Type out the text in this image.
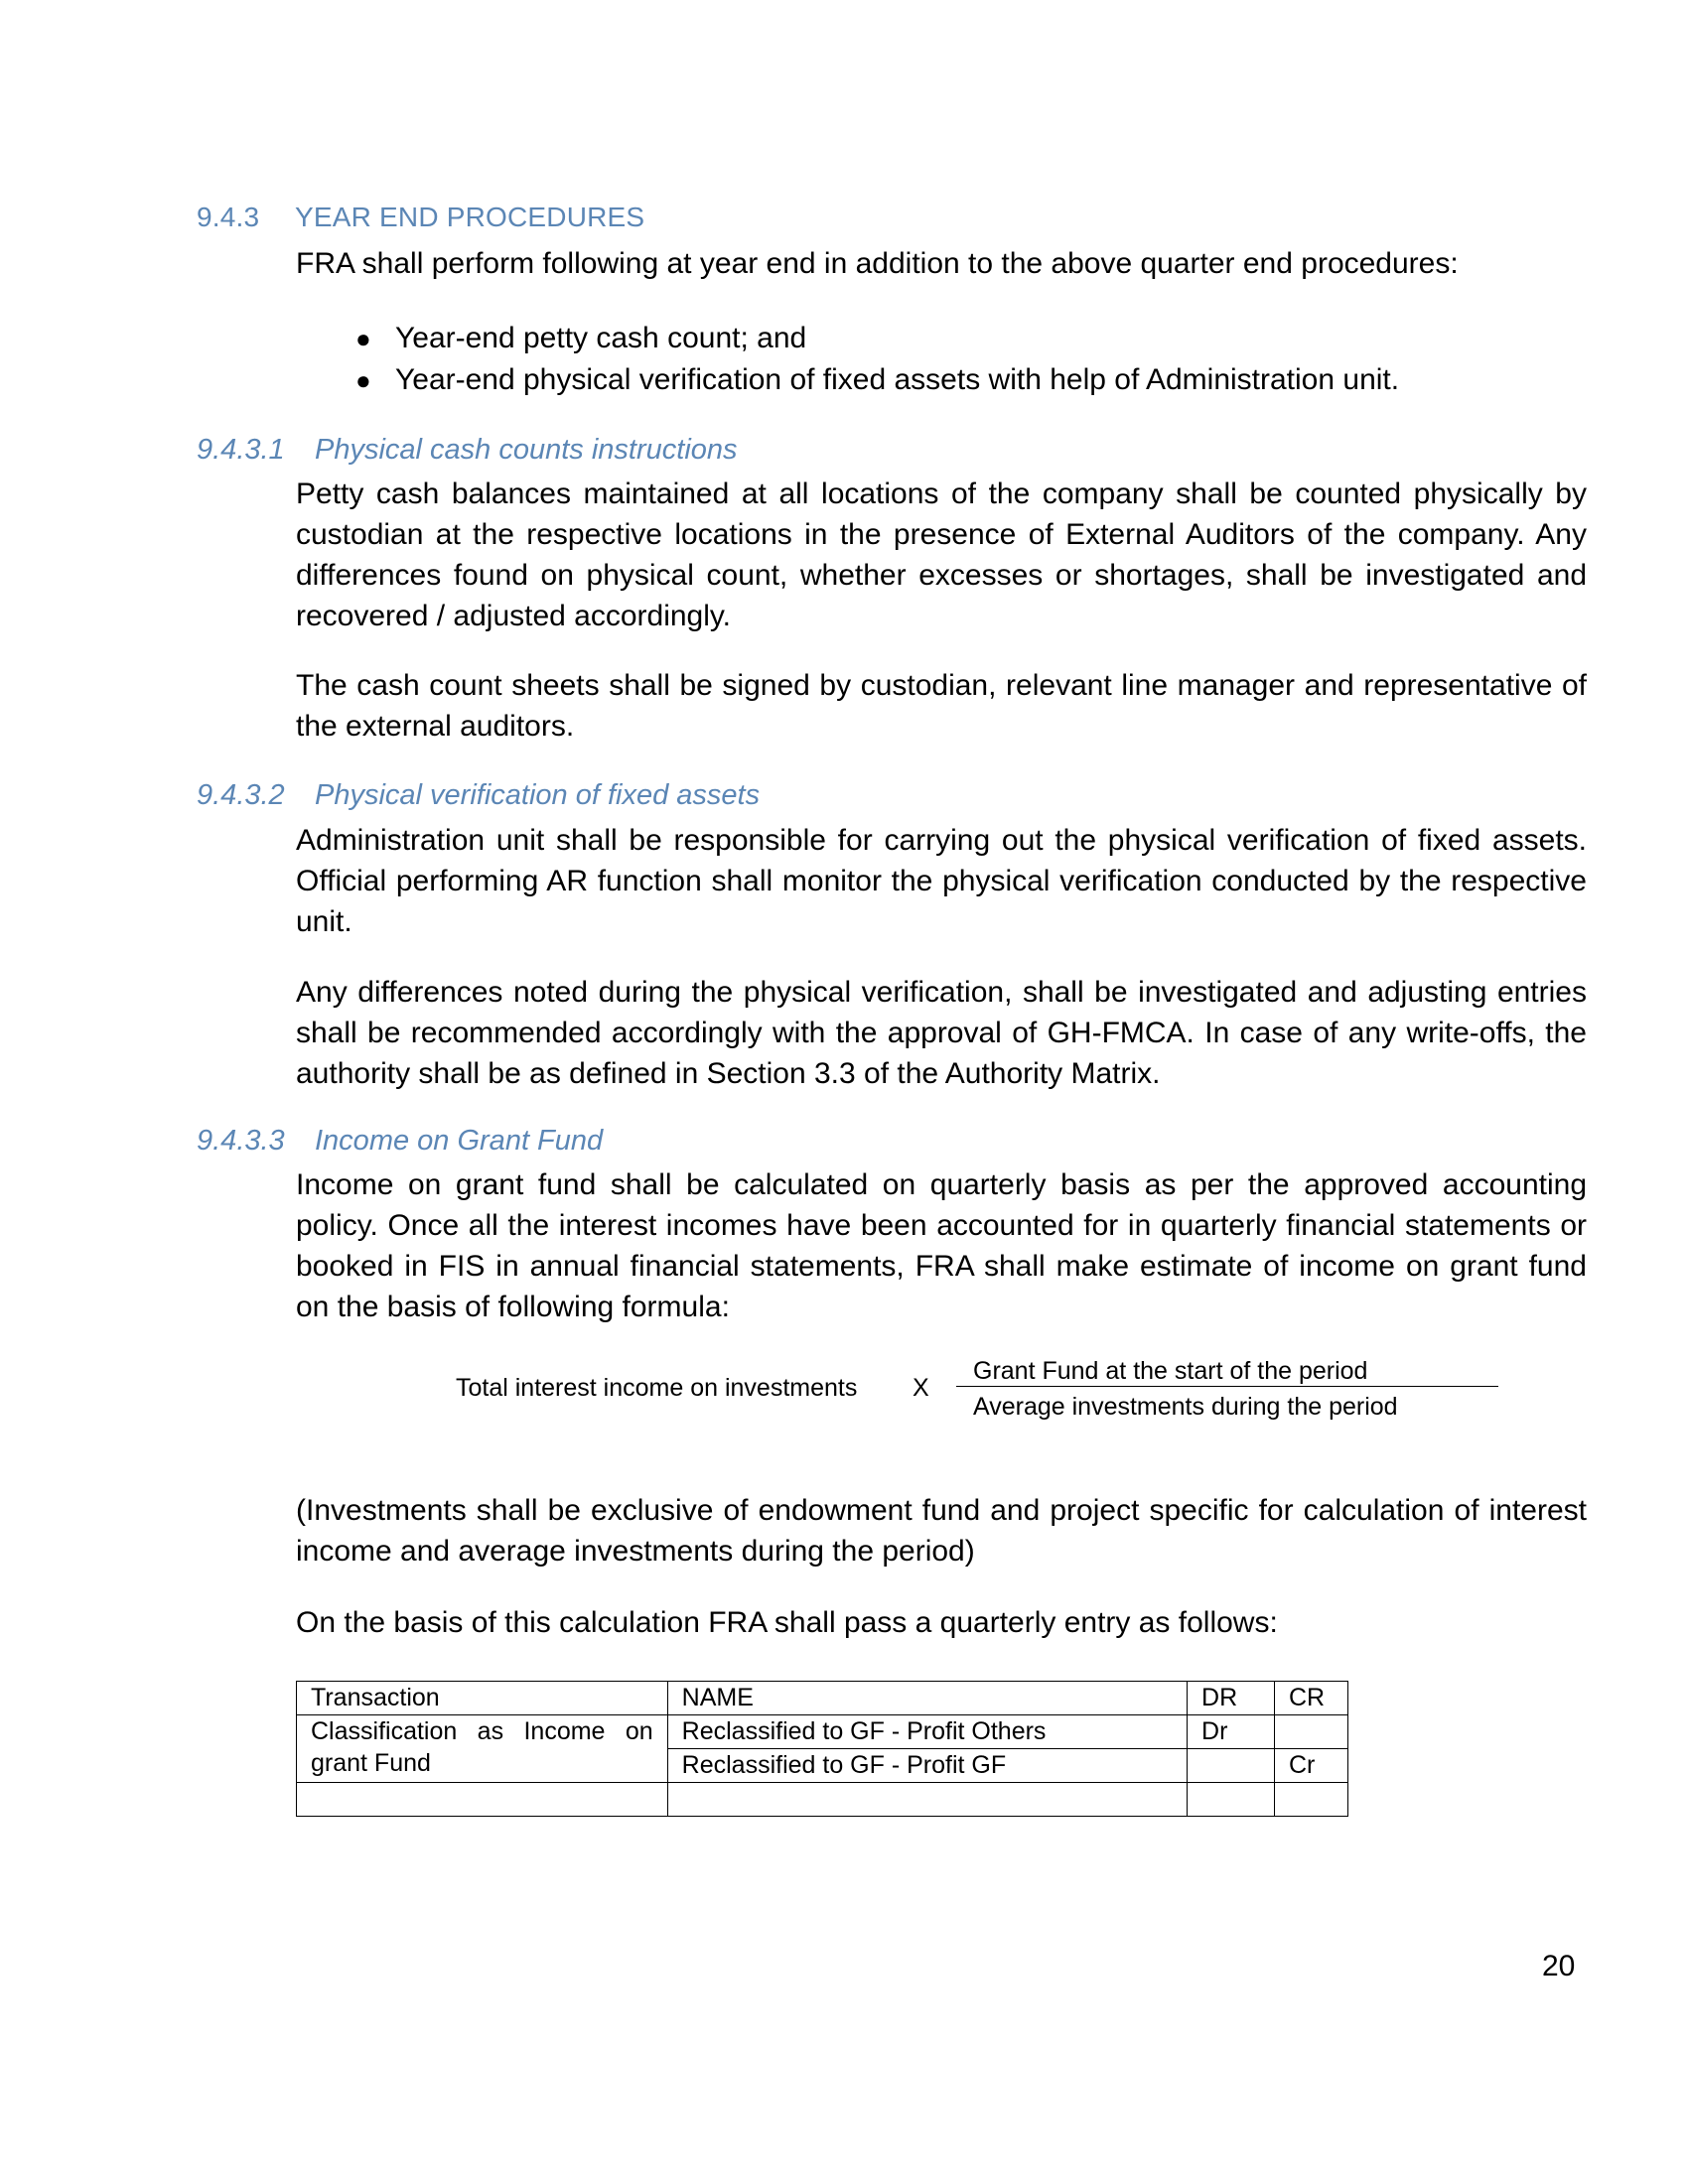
9.4.3 YEAR END PROCEDURES
FRA shall perform following at year end in addition to the above quarter end procedures:
● Year-end petty cash count; and
● Year-end physical verification of fixed assets with help of Administration unit.
9.4.3.1 Physical cash counts instructions
Petty cash balances maintained at all locations of the company shall be counted physically by custodian at the respective locations in the presence of External Auditors of the company. Any differences found on physical count, whether excesses or shortages, shall be investigated and recovered / adjusted accordingly.
The cash count sheets shall be signed by custodian, relevant line manager and representative of the external auditors.
9.4.3.2 Physical verification of fixed assets
Administration unit shall be responsible for carrying out the physical verification of fixed assets. Official performing AR function shall monitor the physical verification conducted by the respective unit.
Any differences noted during the physical verification, shall be investigated and adjusting entries shall be recommended accordingly with the approval of GH-FMCA. In case of any write-offs, the authority shall be as defined in Section 3.3 of the Authority Matrix.
9.4.3.3 Income on Grant Fund
Income on grant fund shall be calculated on quarterly basis as per the approved accounting policy. Once all the interest incomes have been accounted for in quarterly financial statements or booked in FIS in annual financial statements, FRA shall make estimate of income on grant fund on the basis of following formula:
Total interest income on investments X
Grant Fund at the start of the period
Average investments during the period
(Investments shall be exclusive of endowment fund and project specific for calculation of interest income and average investments during the period)
On the basis of this calculation FRA shall pass a quarterly entry as follows:
Transaction	NAME	DR	CR
Classification as Income on grant Fund	Reclassified to GF - Profit Others	Dr	
	Reclassified to GF - Profit GF		Cr

20
